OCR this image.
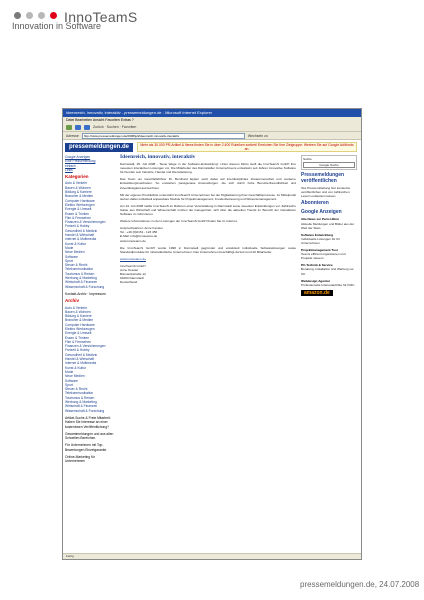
InnoTeamS
Innovation in Software
Ideenreich, innovativ, interaktiv - pressemeldungen.de - Microsoft Internet Explorer
Datei Bearbeiten Ansicht Favoriten Extras ?
Zurück · Suchen · Favoriten
Adresse	http://www.pressemeldungen.de/2008/juli/ideenreich-innovativ-interaktiv	Wechseln zu
pressemeldungen.de	Mehr als 30.000 PR-Artikel & News finden Sie in über 2.400 Rubriken sortiert! Erreichen Sie Ihre Zielgruppe: Werben Sie auf Google AdWords an.
Google Anzeigen
Eine Pressemeldung
einfach
Links
Kategorien
Auto & Verkehr
Bauen & Wohnen
Bildung & Karriere
Brancher & Medien
Computer Hardware
Elektro Werkzeugen
Energie & Umwelt
Essen & Trinken
Film & Fernsehen
Finanzen & Versicherungen
Freizeit & Hobby
Gesundheit & Medizin
Handel & Wirtschaft
Internet & Multimedia
Kunst & Kultur
Mode
Neue Medien
Software
Sport
Steuer & Recht
Telekommunikation
Tourismus & Reisen
Werbung & Marketing
Wirtschaft & Finanzen
Wissenschaft & Forschung
Kontakt-Archiv · Impressum
Archiv
Auto & Verkehr
Bauen & Wohnen
Bildung & Karriere
Brancher & Medien
Computer Hardware
Elektro Werkzeugen
Energie & Umwelt
Essen & Trinken
Film & Fernsehen
Finanzen & Versicherungen
Freizeit & Hobby
Gesundheit & Medizin
Handel & Wirtschaft
Internet & Multimedia
Kunst & Kultur
Mode
Neue Medien
Software
Sport
Steuer & Recht
Telekommunikation
Tourismus & Reisen
Werbung & Marketing
Wirtschaft & Finanzen
Wissenschaft & Forschung
Artikel-Suche & Freie Mitarbeit: Haben Sie Interesse an einer kostenlosen Veröffentlichung?
Gesamtmeldungen und aus allen Schoellen Bereichen.
Für Unternehmen mit Top-Bewertungen Einzelgarantie.
Online-Marketing für Unternehmen
Ideenreich, innovativ, interaktiv

Darmstadt, 25. Juli 2008 - 'Neue Wege in der Software-Entwicklung': Unter diesem Motto stellt die InnoTeamS GmbH ihre neuesten interaktiven Lösungen vor. Die Mitarbeiter des Darmstädter Unternehmens entwickeln seit Jahren innovative Software für Kunden aus Industrie, Handel und Dienstleistung.

Das Team um Geschäftsführer Dr. Bernhard Eppler setzt dabei auf interdisziplinäre Zusammenarbeit und moderne Entwicklungsmethoden. So entstehen passgenaue Anwendungen, die sich durch hohe Benutzerfreundlichkeit und Zuverlässigkeit auszeichnen.

Mit der eigenen Produktlinie unterstützt InnoTeamS Unternehmen bei der Digitalisierung ihrer Geschäftsprozesse. Im Mittelpunkt stehen dabei individuell anpassbare Module für Projektmanagement, Kundenbetreuung und Wissensmanagement.

Am 24. Juli 2008 stellte InnoTeamS im Rahmen einer Veranstaltung in Darmstadt seine neuesten Entwicklungen vor. Zahlreiche Gäste aus Wirtschaft und Wissenschaft nutzten die Gelegenheit, sich über die aktuellen Trends im Bereich der interaktiven Software zu informieren.

Weitere Informationen zu den Lösungen der InnoTeamS GmbH finden Sie im Internet.

Ansprechpartner: Anne Kessler
Tel.: +49 (0)6151 - 123 456
E-Mail: info@innoteams.de
www.innoteams.de

Die InnoTeamS GmbH wurde 1998 in Darmstadt gegründet und entwickelt individuelle Softwarelösungen sowie Standardprodukte für mittelständische Unternehmen. Das Unternehmen beschäftigt derzeit rund 40 Mitarbeiter.

www.innoteams.de

InnoTeamS GmbH
Anne Kessler
Bismarckstraße 12
64293 Darmstadt
Deutschland
Suche
Google Suche
Pressemeldungen veröffentlichen
Ihre Pressemitteilung hier kostenlos veröffentlichen und von zahlreichen Lesern entdecken lassen.
Abonnieren
Google Anzeigen
Alle News zur Paris Hilton
Aktuelle Meldungen und Bilder aus der Welt der Stars
Software Entwicklung
Individuelle Lösungen für Ihr Unternehmen
Projektmanagement Tool
Teams effizient organisieren und Projekte steuern
PC-Technik & Service
Beratung, Installation und Wartung vor Ort
Webdesign Agentur
Professionelle Internetauftritte für KMU
amazon.de
Fertig
pressemeldungen.de, 24.07.2008
